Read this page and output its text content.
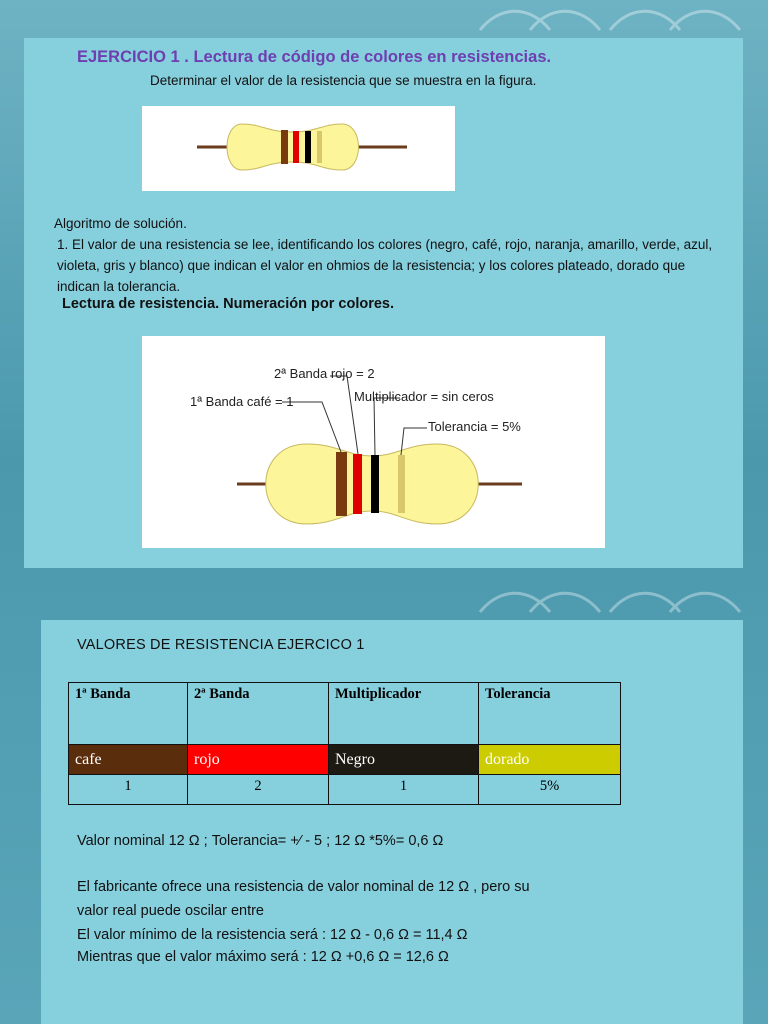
EJERCICIO 1 . Lectura de código de colores en resistencias.
Determinar el valor de la resistencia que se muestra en la figura.

Algoritmo de solución.

1. El valor de una resistencia se lee, identificando los colores (negro, café, rojo, naranja, amarillo, verde, azul, violeta, gris y blanco) que indican el valor en ohmios de la resistencia; y los colores plateado, dorado que indican la tolerancia.

Lectura de resistencia. Numeración por colores.
2ª Banda rojo = 2
1ª Banda café = 1	Multiplicador = sin ceros
Tolerancia = 5%
VALORES DE RESISTENCIA EJERCICO 1
1ª Banda	2ª Banda	Multiplicador	Tolerancia

cafe	rojo	Negro	dorado

1	2	1	5%
Valor nominal 12 Ω ; Tolerancia= +⁄ - 5 ; 12 Ω *5%= 0,6 Ω
El fabricante ofrece una resistencia de valor nominal de 12 Ω , pero su
valor real puede oscilar entre
El valor mínimo de la resistencia será : 12 Ω - 0,6 Ω = 11,4 Ω
Mientras que el valor máximo será : 12 Ω +0,6 Ω = 12,6 Ω
